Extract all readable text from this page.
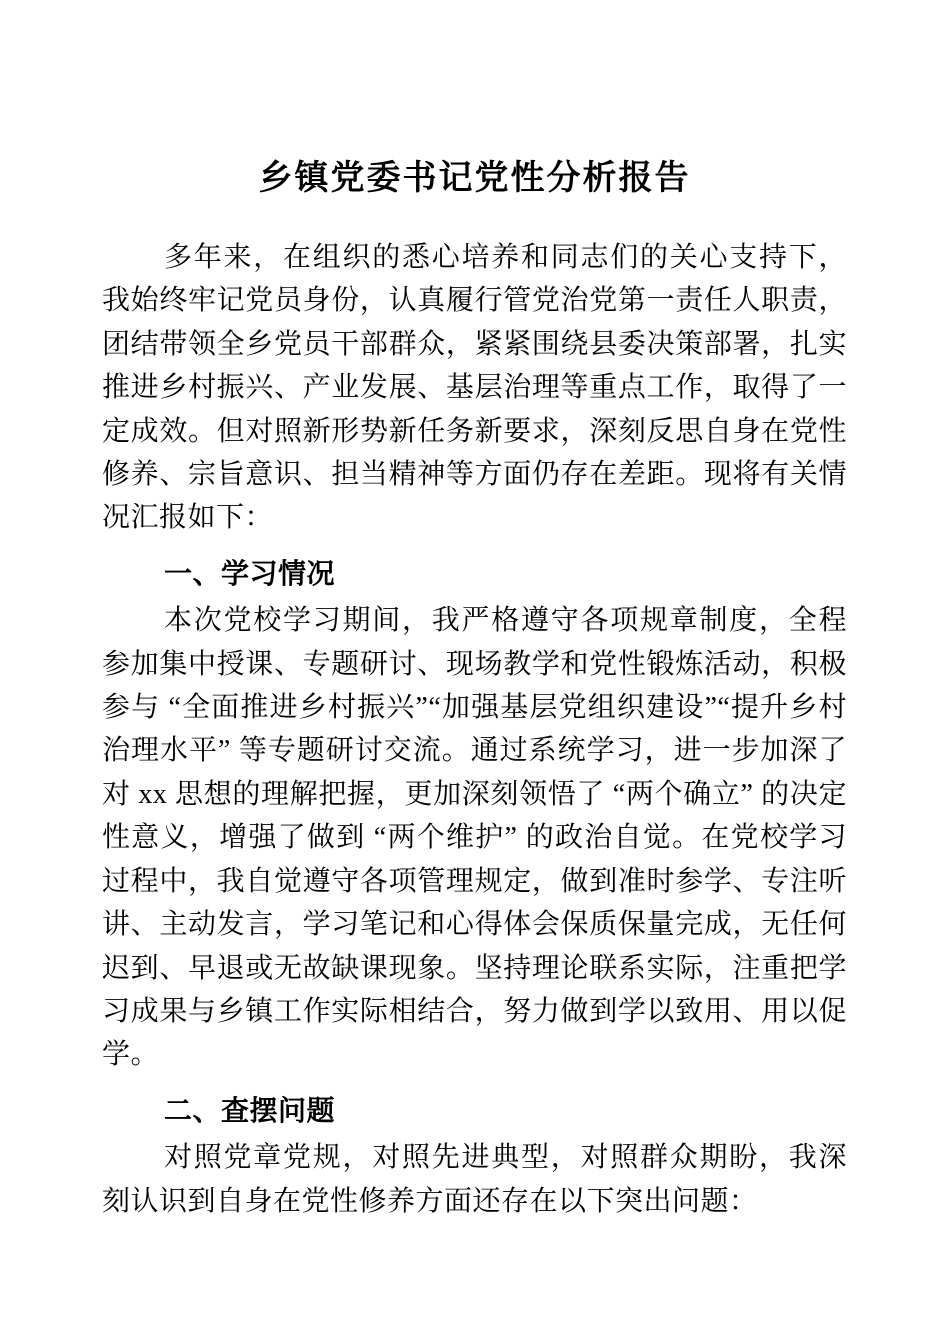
乡镇党委书记党性分析报告

多年来，在组织的悉心培养和同志们的关心支持下，我始终牢记党员身份，认真履行管党治党第一责任人职责，团结带领全乡党员干部群众，紧紧围绕县委决策部署，扎实推进乡村振兴、产业发展、基层治理等重点工作，取得了一定成效。但对照新形势新任务新要求，深刻反思自身在党性修养、宗旨意识、担当精神等方面仍存在差距。现将有关情况汇报如下：

一、学习情况

本次党校学习期间，我严格遵守各项规章制度，全程参加集中授课、专题研讨、现场教学和党性锻炼活动，积极参与 “全面推进乡村振兴”“加强基层党组织建设”“提升乡村治理水平” 等专题研讨交流。通过系统学习，进一步加深了对 xx 思想的理解把握，更加深刻领悟了 “两个确立” 的决定性意义，增强了做到 “两个维护” 的政治自觉。在党校学习过程中，我自觉遵守各项管理规定，做到准时参学、专注听讲、主动发言，学习笔记和心得体会保质保量完成，无任何迟到、早退或无故缺课现象。坚持理论联系实际，注重把学习成果与乡镇工作实际相结合，努力做到学以致用、用以促学。

二、查摆问题

对照党章党规，对照先进典型，对照群众期盼，我深刻认识到自身在党性修养方面还存在以下突出问题：
